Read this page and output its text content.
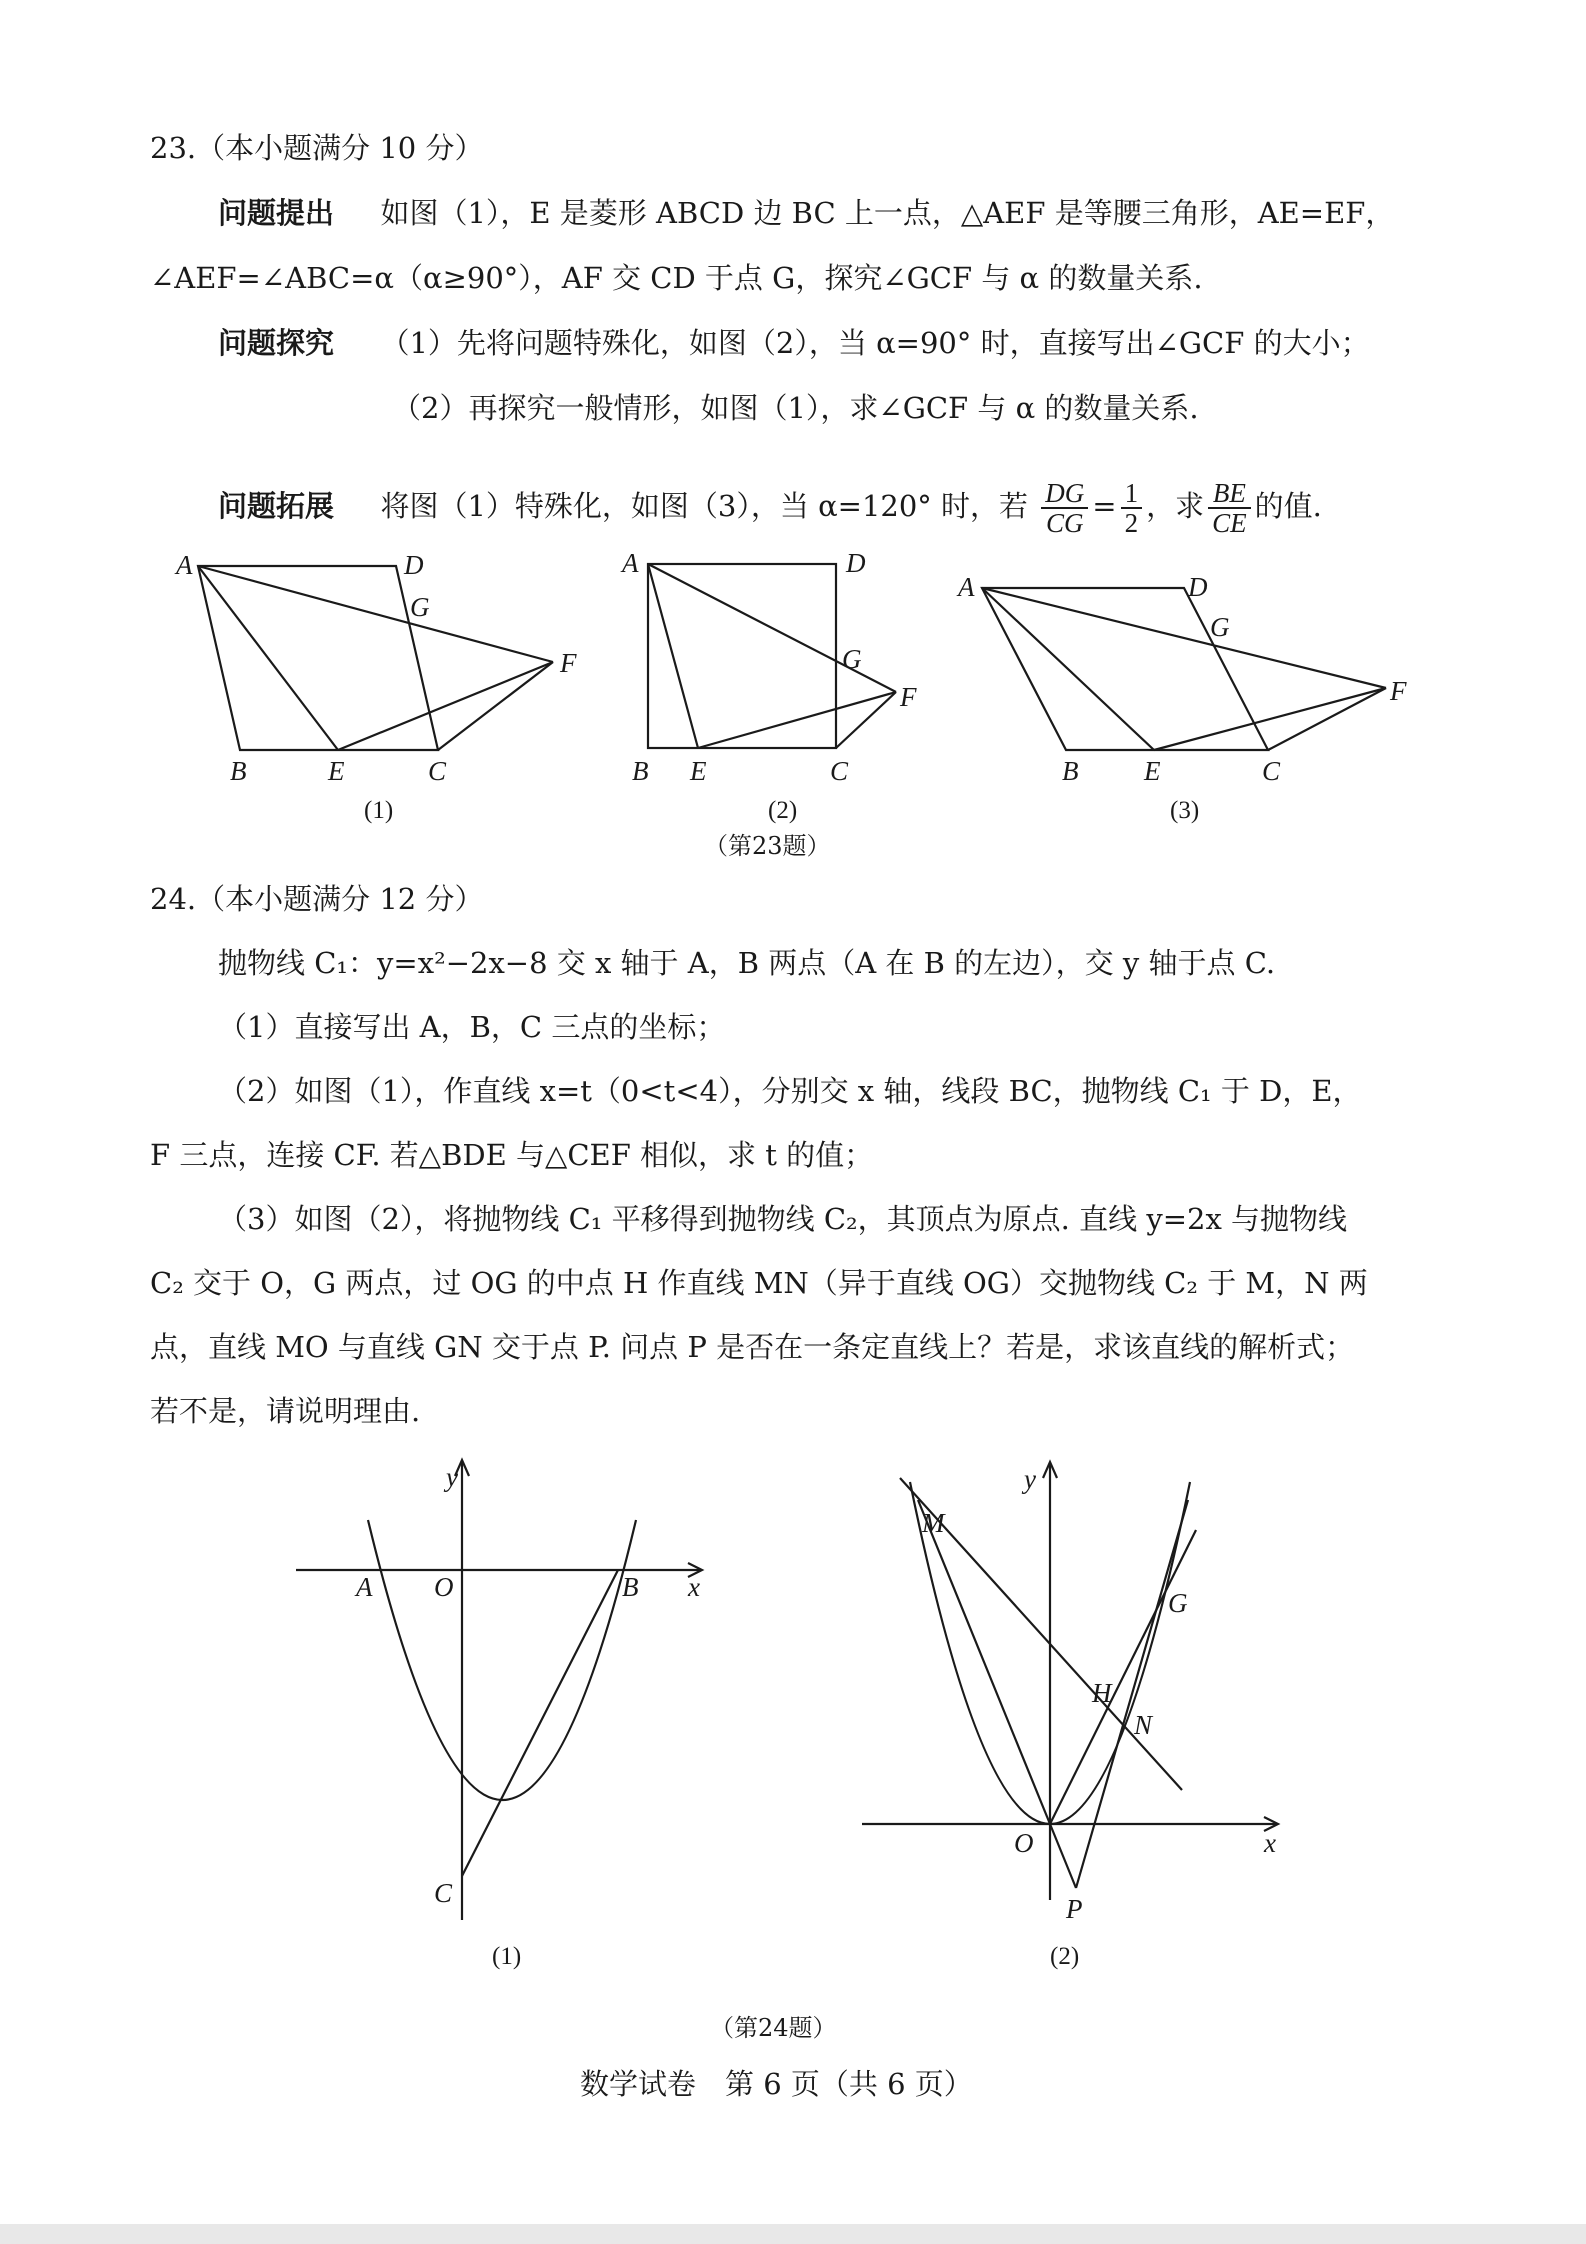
23.（本小题满分 10 分）
问题提出 如图（1），E 是菱形 ABCD 边 BC 上一点，△AEF 是等腰三角形，AE=EF，
∠AEF=∠ABC=α（α≥90°），AF 交 CD 于点 G，探究∠GCF 与 α 的数量关系.
问题探究 （1）先将问题特殊化，如图（2），当 α=90° 时，直接写出∠GCF 的大小；
（2）再探究一般情形，如图（1），求∠GCF 与 α 的数量关系.
问题拓展 将图（1）特殊化，如图（3），当 α=120° 时，若 $\frac{DG}{CG} = \frac{1}{2}$ ，求 $\frac{BE}{CE}$ 的值.
A	D
G
F
B	E	C
(1)
A	D
G
F
B E	C
(2)
A	D
G
F
B E	C
(3)
（第23题）
24.（本小题满分 12 分）
抛物线 C₁：y=x²−2x−8 交 x 轴于 A，B 两点（A 在 B 的左边），交 y 轴于点 C.
（1）直接写出 A，B，C 三点的坐标；
（2）如图（1），作直线 x=t（0<t<4），分别交 x 轴，线段 BC，抛物线 C₁ 于 D，E，
F 三点，连接 CF. 若△BDE 与△CEF 相似，求 t 的值；
（3）如图（2），将抛物线 C₁ 平移得到抛物线 C₂，其顶点为原点. 直线 y=2x 与抛物线
C₂ 交于 O，G 两点，过 OG 的中点 H 作直线 MN（异于直线 OG）交抛物线 C₂ 于 M，N 两
点，直线 MO 与直线 GN 交于点 P. 问点 P 是否在一条定直线上？若是，求该直线的解析式；
若不是，请说明理由.
y
x
A O	B
C
(1)
y
x
M
G
H
N
O
P
(2)
（第24题）
数学试卷　第 6 页（共 6 页）
